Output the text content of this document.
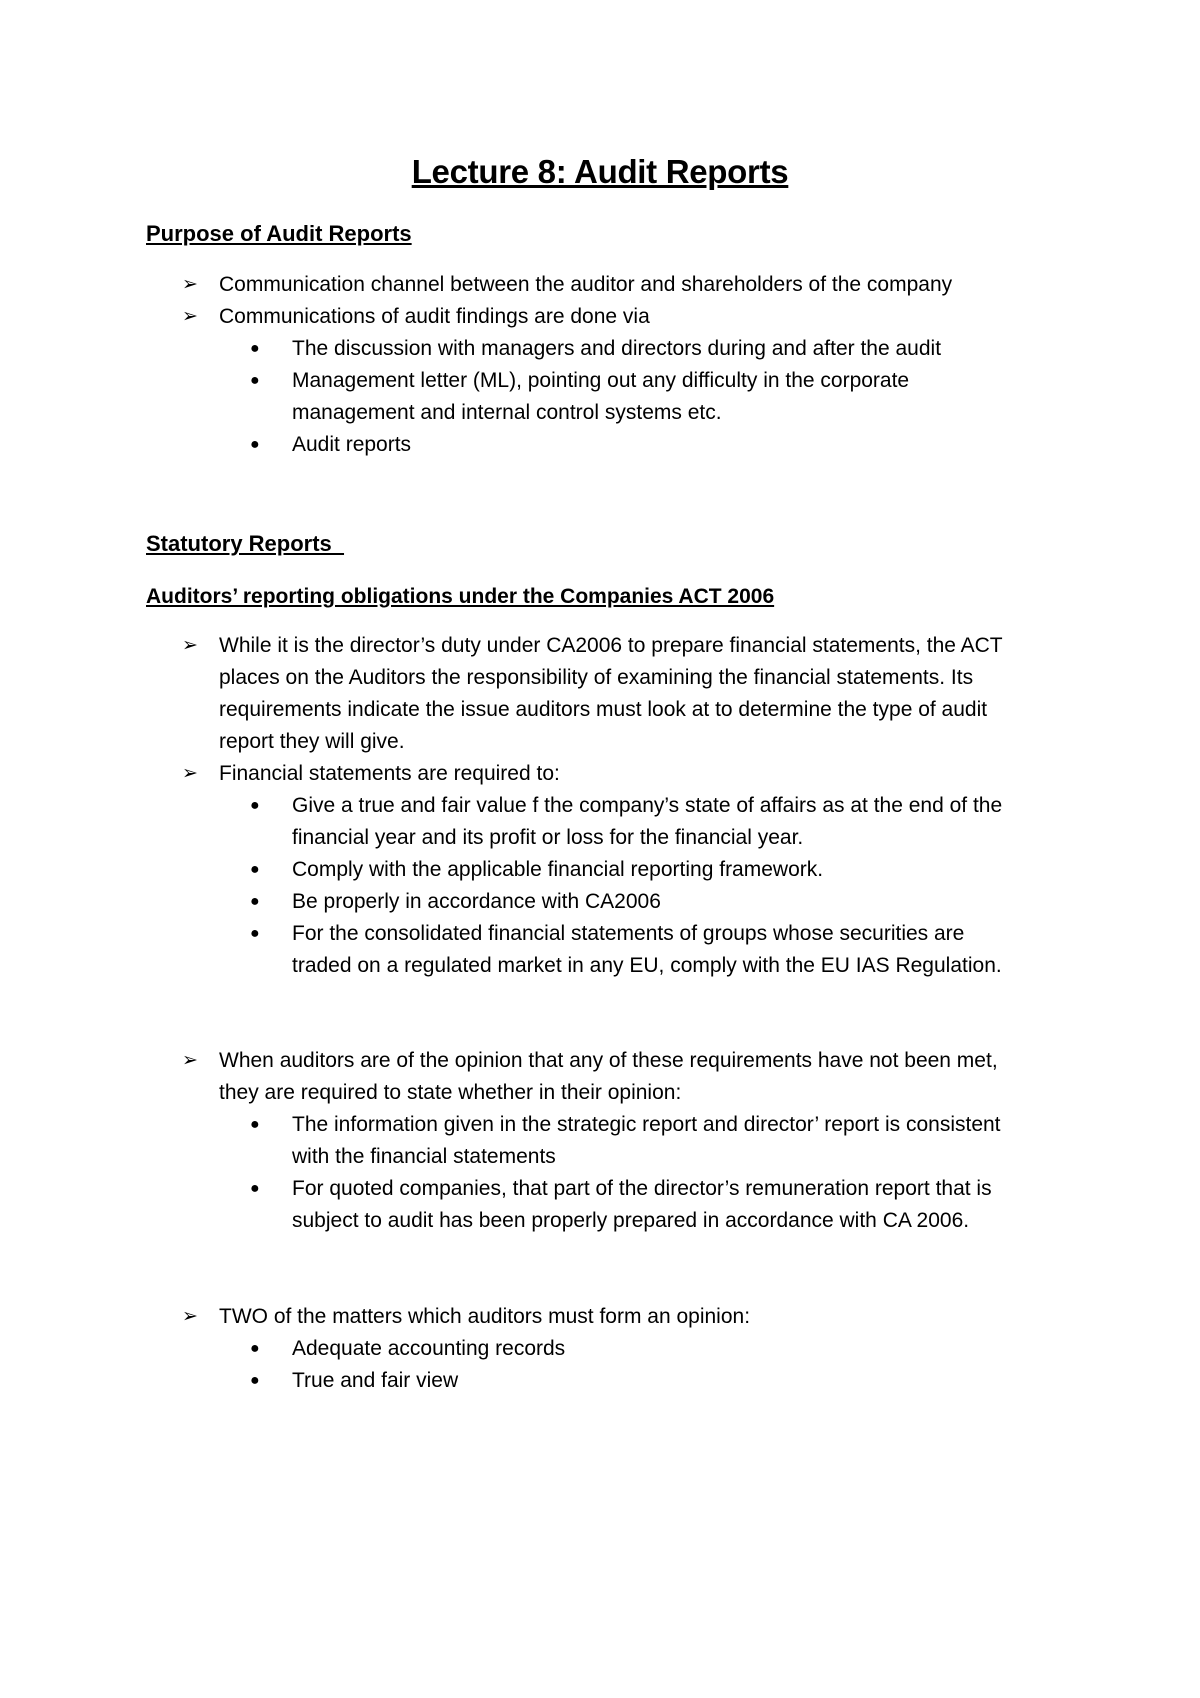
Lecture 8: Audit Reports
Purpose of Audit Reports
➢ Communication channel between the auditor and shareholders of the company
➢ Communications of audit findings are done via
● The discussion with managers and directors during and after the audit
● Management letter (ML), pointing out any difficulty in the corporate
management and internal control systems etc.
● Audit reports
Statutory Reports
Auditors’ reporting obligations under the Companies ACT 2006
➢ While it is the director’s duty under CA2006 to prepare financial statements, the ACT
places on the Auditors the responsibility of examining the financial statements. Its
requirements indicate the issue auditors must look at to determine the type of audit
report they will give.
➢ Financial statements are required to:
● Give a true and fair value f the company’s state of affairs as at the end of the
financial year and its profit or loss for the financial year.
● Comply with the applicable financial reporting framework.
● Be properly in accordance with CA2006
● For the consolidated financial statements of groups whose securities are
traded on a regulated market in any EU, comply with the EU IAS Regulation.
➢ When auditors are of the opinion that any of these requirements have not been met,
they are required to state whether in their opinion:
● The information given in the strategic report and director’ report is consistent
with the financial statements
● For quoted companies, that part of the director’s remuneration report that is
subject to audit has been properly prepared in accordance with CA 2006.
➢ TWO of the matters which auditors must form an opinion:
● Adequate accounting records
● True and fair view
